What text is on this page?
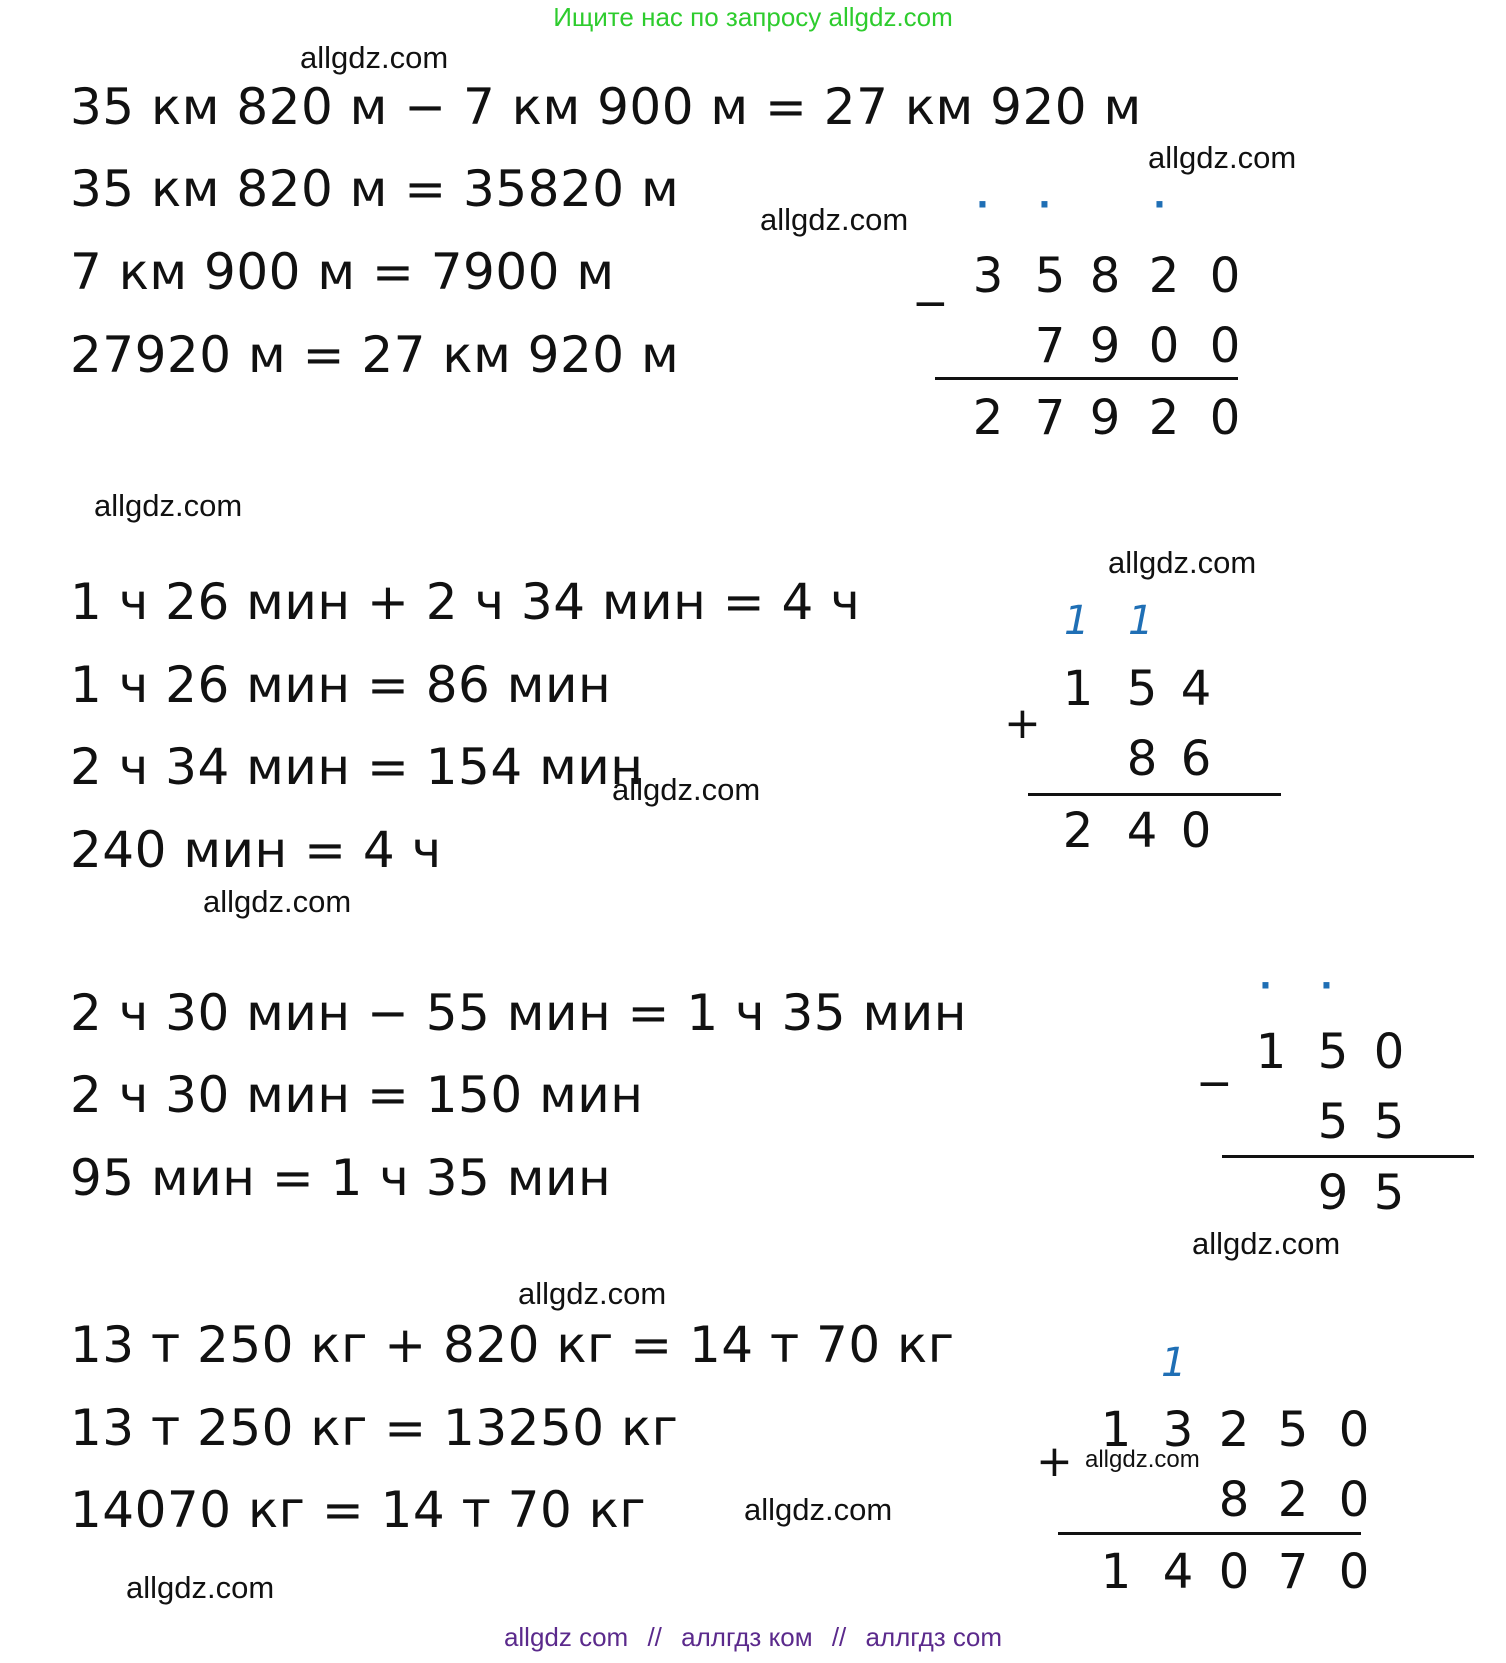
Ищите нас по запросу allgdz.com
allgdz.com
allgdz.com
allgdz.com
allgdz.com
allgdz.com
allgdz.com
allgdz.com
allgdz.com
allgdz.com
allgdz.com
allgdz.com
allgdz.com
35 км 820 м − 7 км 900 м = 27 км 920 м
35 км 820 м = 35820 м
7 км 900 м = 7900 м
27920 м = 27 км 920 м
· ·	·
− 3 5 8 2 0
7 9 0 0
2 7 9 2 0
1 ч 26 мин + 2 ч 34 мин = 4 ч
1 ч 26 мин = 86 мин
2 ч 34 мин = 154 мин
240 мин = 4 ч
1 1
+
1 5 4
8 6
2 4 0
2 ч 30 мин − 55 мин = 1 ч 35 мин
2 ч 30 мин = 150 мин
95 мин = 1 ч 35 мин
· ·
−
1 5 0
5 5
9 5
13 т 250 кг + 820 кг = 14 т 70 кг
13 т 250 кг = 13250 кг
14070 кг = 14 т 70 кг
1
+
1 3 2 5 0
8 2 0
1 4 0 7 0
allgdz com // аллгдз ком // аллгдз com
